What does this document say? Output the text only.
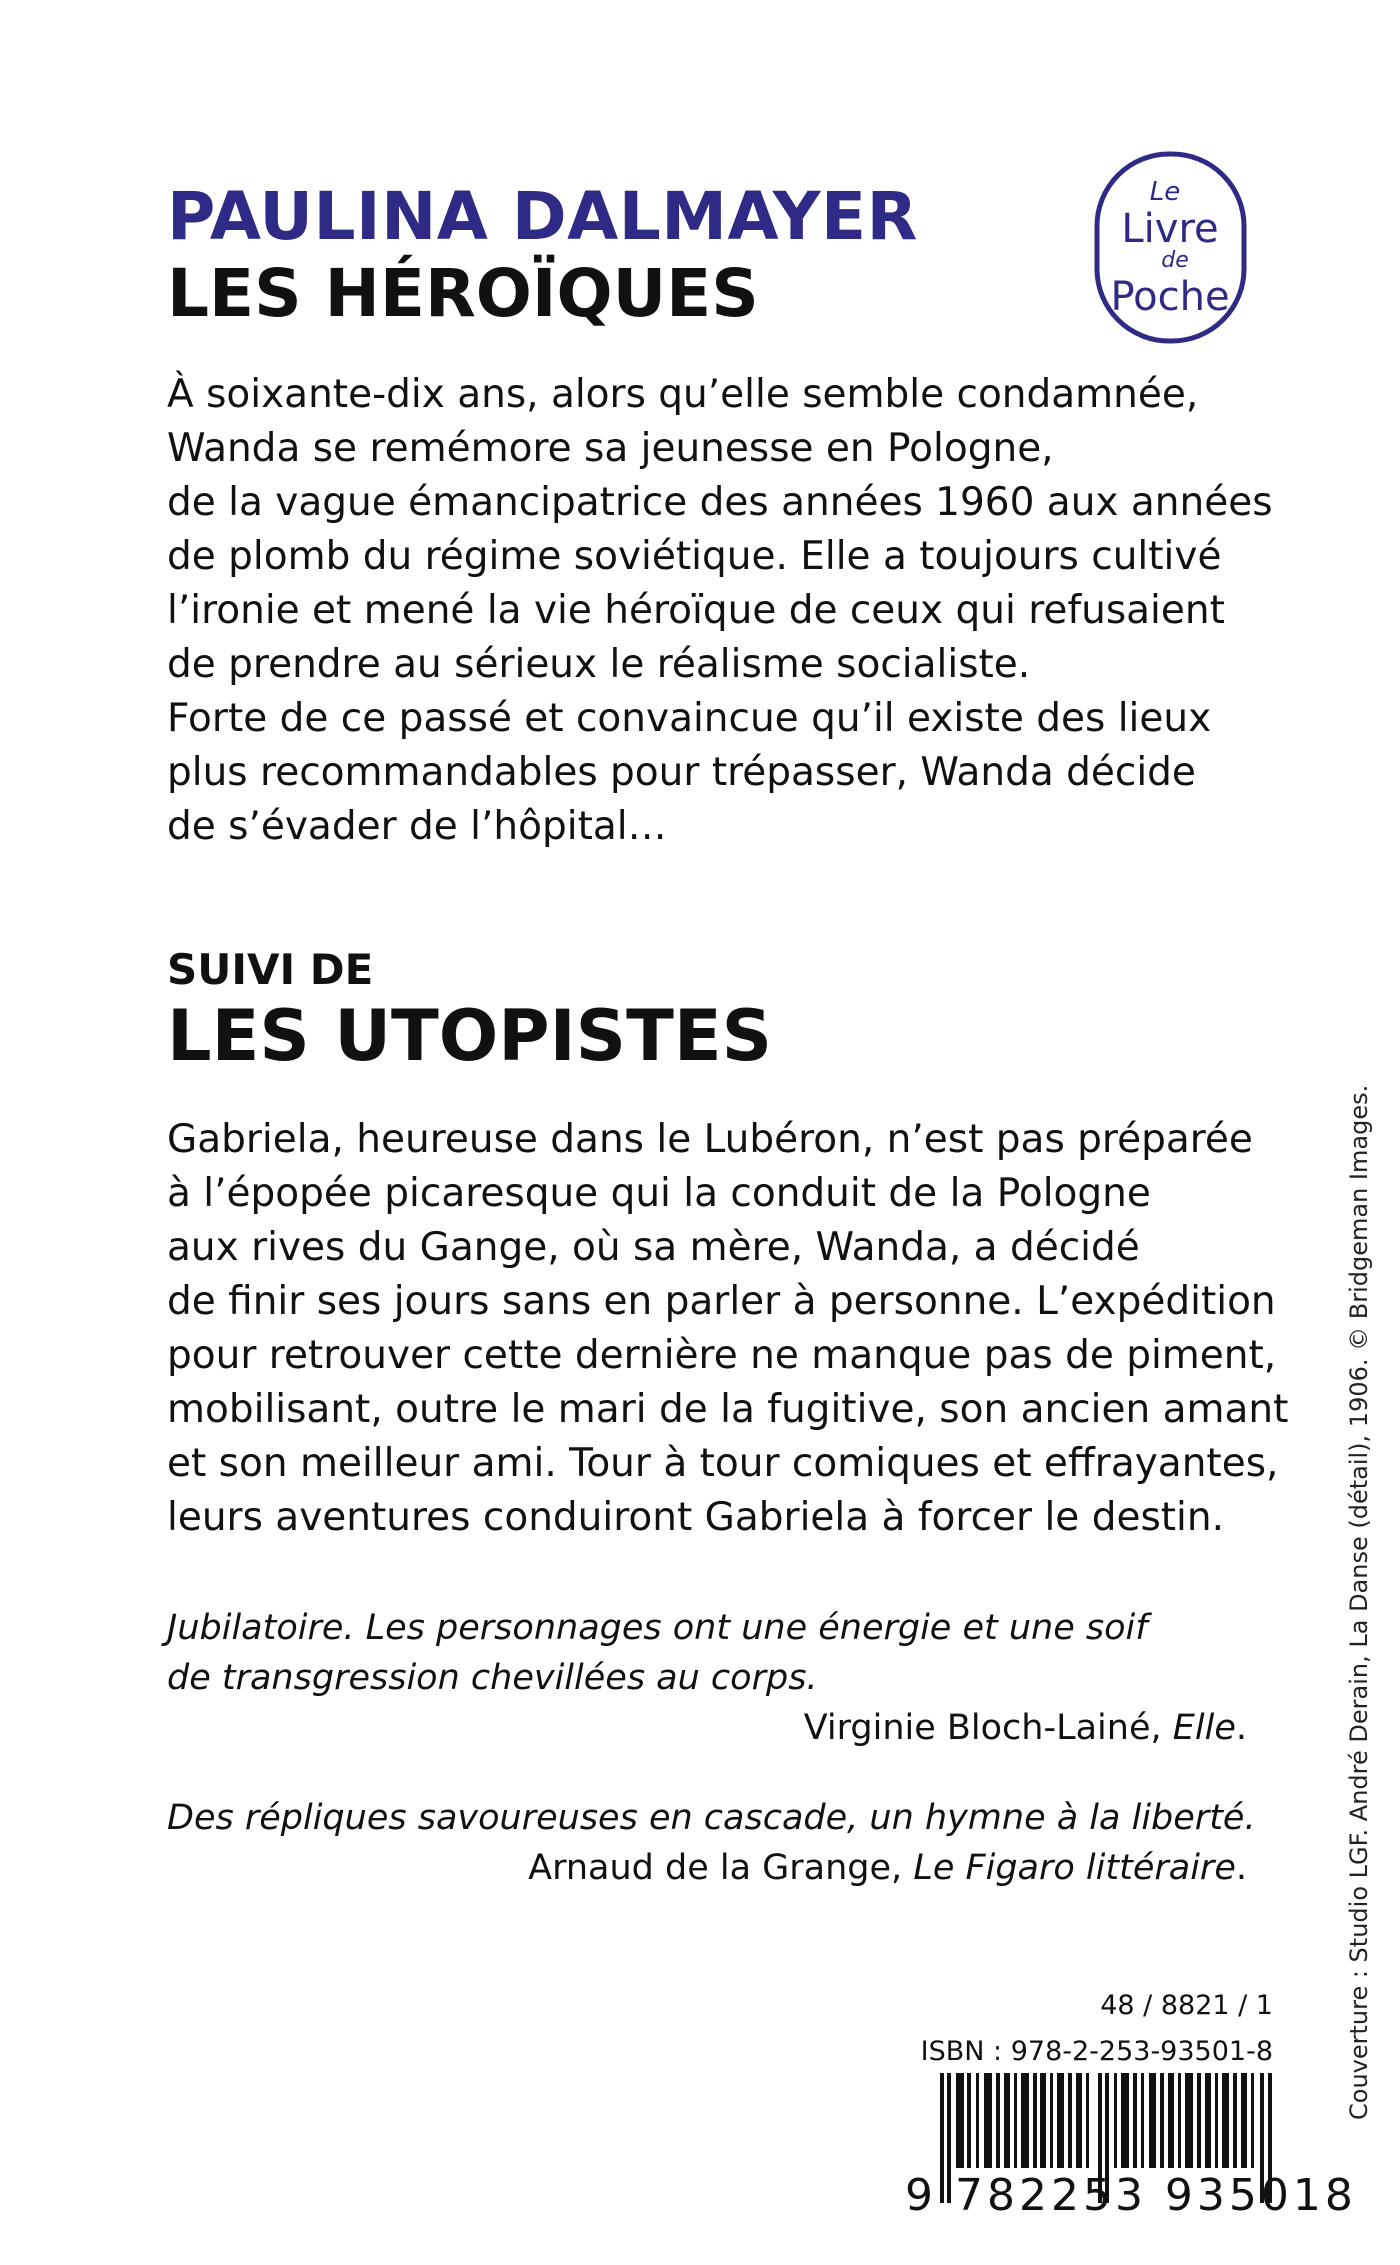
PAULINA DALMAYER
LES HÉROÏQUES
Le
Livre
de
Poche

À soixante-dix ans, alors qu’elle semble condamnée,
Wanda se remémore sa jeunesse en Pologne,
de la vague émancipatrice des années 1960 aux années
de plomb du régime soviétique. Elle a toujours cultivé
l’ironie et mené la vie héroïque de ceux qui refusaient
de prendre au sérieux le réalisme socialiste.
Forte de ce passé et convaincue qu’il existe des lieux
plus recommandables pour trépasser, Wanda décide
de s’évader de l’hôpital…

SUIVI DE
LES UTOPISTES

Gabriela, heureuse dans le Lubéron, n’est pas préparée
à l’épopée picaresque qui la conduit de la Pologne
aux rives du Gange, où sa mère, Wanda, a décidé
de finir ses jours sans en parler à personne. L’expédition
pour retrouver cette dernière ne manque pas de piment,
mobilisant, outre le mari de la fugitive, son ancien amant
et son meilleur ami. Tour à tour comiques et effrayantes,
leurs aventures conduiront Gabriela à forcer le destin.

Jubilatoire. Les personnages ont une énergie et une soif
de transgression chevillées au corps.
Virginie Bloch-Lainé, Elle.
Des répliques savoureuses en cascade, un hymne à la liberté.
Arnaud de la Grange, Le Figaro littéraire.
48 / 8821 / 1
ISBN : 978-2-253-93501-8
9 782253 935018
Couverture : Studio LGF. André Derain, La Danse (détail), 1906. © Bridgeman Images.
